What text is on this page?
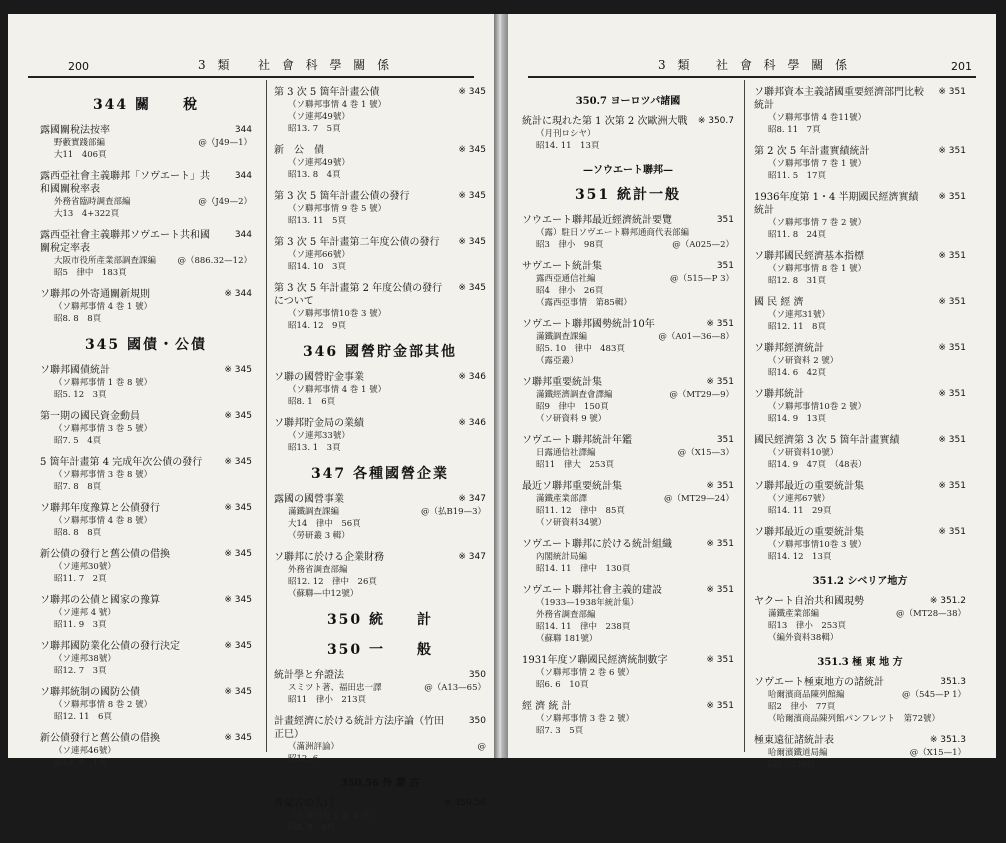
200	3 類 社 會 科 學 關 係
344 關　　稅
露國關稅法按率	344
野藪實踐部編	@（J49—1）
大11　406頁
露西亞社會主義聯邦「ソヴエート」共和國關稅率表
344
外務省臨時調査部編	@（J49—2）
大13　4+322頁
露西亞社會主義聯邦ソヴエート共和國關稅定率表
344
大阪市役所產業部調査課編	@（886.32—12）
昭5　律中　183頁
ソ聯邦の外寄通關新規則	※ 344
（ソ聯邦事情 4 巻 1 號）
昭8. 8　8頁
345 國債・公債
ソ聯邦國債統計	※ 345
（ソ聯邦事情 1 巻 8 號）
昭5. 12　3頁
第一期の國民資金動員	※ 345
（ソ聯邦事情 3 巻 5 號）
昭7. 5　4頁
5 箇年計畫第 4 完成年次公債の發行	※ 345
（ソ聯邦事情 3 巻 8 號）
昭7. 8　8頁
ソ聯邦年度豫算と公債發行	※ 345
（ソ聯邦事情 4 巻 8 號）
昭8. 8　8頁
新公債の發行と舊公債の借換	※ 345
（ソ連邦30號）
昭11. 7　2頁
ソ聯邦の公債と國家の豫算	※ 345
（ソ連邦 4 號）
昭11. 9　3頁
ソ聯邦國防業化公債の發行決定	※ 345
（ソ連邦38號）
昭12. 7　3頁
ソ聯邦統制の國防公債	※ 345
（ソ聯邦事情 8 巻 2 號）
昭12. 11　6頁
新公債發行と舊公債の借換	※ 345
（ソ連邦46號）
昭13. 6　1頁
第 3 次 5 箇年計畫公債	※ 345
（ソ聯邦事情 4 巻 1 號）
（ソ連邦49號）
昭13. 7　5頁
新　公　債	※ 345
（ソ連邦49號）
昭13. 8　4頁
第 3 次 5 箇年計畫公債の發行	※ 345
（ソ聯邦事情 9 巻 5 號）
昭13. 11　5頁
第 3 次 5 年計畫第二年度公債の發行	※ 345
（ソ連邦66號）
昭14. 10　3頁
第 3 次 5 年計畫第 2 年度公債の發行について
※ 345
（ソ聯邦事情10巻 3 號）
昭14. 12　9頁
346 國營貯金部其他
ソ聯の國營貯金事業	※ 346
（ソ聯邦事情 4 巻 1 號）
昭8. 1　6頁
ソ聯邦貯金局の業績	※ 346
（ソ連邦33號）
昭13. 1　3頁
347 各種國營企業
露國の國營事業	※ 347
滿鐵調査課編	@（払B19—3）
大14　律中　56頁
（勞研叢 3 輯）
ソ聯邦に於ける企業財務	※ 347
外務省調査部編
昭12. 12　律中　26頁
（蘇聯—中12號）
350 統　　計
350 一　　般
統計學と弁證法	350
スミツト著、福田忠一譯	@（A13—65）
昭11　律小　213頁
計畫經濟に於ける統計方法序論（竹田正巳）
350
（滿洲評論）	@
昭12. 6
350.56 外 蒙 古
外蒙古の人口	※ 350.56
（北滿研究 1 巻 4 號）
昭8. 8　6頁
3 類 社 會 科 學 關 係	201
350.7 ヨーロツパ諸國
統計に現れた第 1 次第 2 次歐洲大戰	※ 350.7
（月刊ロシヤ）
昭14. 11　13頁
—ソウエート聯邦—
351 統計一般
ソウエート聯邦最近經濟統計要覽	351
（露）駐日ソヴエート聯邦通商代表部編
@（A025—2）
昭3　律小　98頁
サヴエート統計集	351
露西亞通信社編	@（515—P 3）
昭4　律小　26頁
（露西亞事情　第85輯）
ソヴエート聯邦國勢統計10年	※ 351
滿鐵調査課編	@（A01—36—8）
昭5. 10　律中　483頁
（露亞叢）
ソ聯邦重要統計集	※ 351
滿鐵經濟調査會譯編	@（MT29—9）
昭9　律中　150頁
（ソ研資料 9 號）
ソヴエート聯邦統計年鑑	351
日露通信社譯編	@（X15—3）
昭11　律大　253頁
最近ソ聯邦重要統計集	※ 351
滿鐵產業部譯	@（MT29—24）
昭11. 12　律中　85頁
（ソ研資料34號）
ソヴエート聯邦に於ける統計組織	※ 351
內閣統計局編
昭14. 11　律中　130頁
ソヴエート聯邦社會主義的建設	※ 351
（1933—1938年統計集）
外務省調査部編
昭14. 11　律中　238頁
（蘇聯 181號）
1931年度ソ聯國民經濟統制數字	※ 351
（ソ聯邦事情 2 巻 6 號）
昭6. 6　10頁
經 濟 統 計	※ 351
（ソ聯邦事情 3 巻 2 號）
昭7. 3　5頁
ソ聯邦資本主義諸國重要經濟部門比較統計
※ 351
（ソ聯邦事情 4 巻11號）
昭8. 11　7頁
第 2 次 5 年計畫實績統計	※ 351
（ソ聯邦事情 7 巻 1 號）
昭11. 5　17頁
1936年度第 1・4 半期國民經濟實績統計
※ 351
（ソ聯邦事情 7 巻 2 號）
昭11. 8　24頁
ソ聯邦國民經濟基本指標	※ 351
（ソ聯邦事情 8 巻 1 號）
昭12. 8　31頁
國 民 經 濟	※ 351
（ソ連邦31號）
昭12. 11　8頁
ソ聯邦經濟統計	※ 351
（ソ研資料 2 號）
昭14. 6　42頁
ソ聯邦統計	※ 351
（ソ聯邦事情10巻 2 號）
昭14. 9　13頁
國民經濟第 3 次 5 箇年計畫實績	※ 351
（ソ研資料10號）
昭14. 9　47頁　（48表）
ソ聯邦最近の重要統計集	※ 351
（ソ連邦67號）
昭14. 11　29頁
ソ聯邦最近の重要統計集	※ 351
（ソ聯邦事情10巻 3 號）
昭14. 12　13頁
351.2 シベリア地方
ヤクート自治共和國現勢	※ 351.2
滿鐵產業部編	@（MT28—38）
昭13　律小　253頁
（編外資料38輯）
351.3 極 東 地 方
ソヴエート極東地方の諸統計	351.3
哈爾濱商品陳列館編	@（545—P 1）
昭2　律小　77頁
（哈爾濱商品陳列館パンフレツト　第72號）
極東遠征諸統計表	※ 351.3
哈爾濱鐵道局編	@（X15—1）
昭5　370頁
